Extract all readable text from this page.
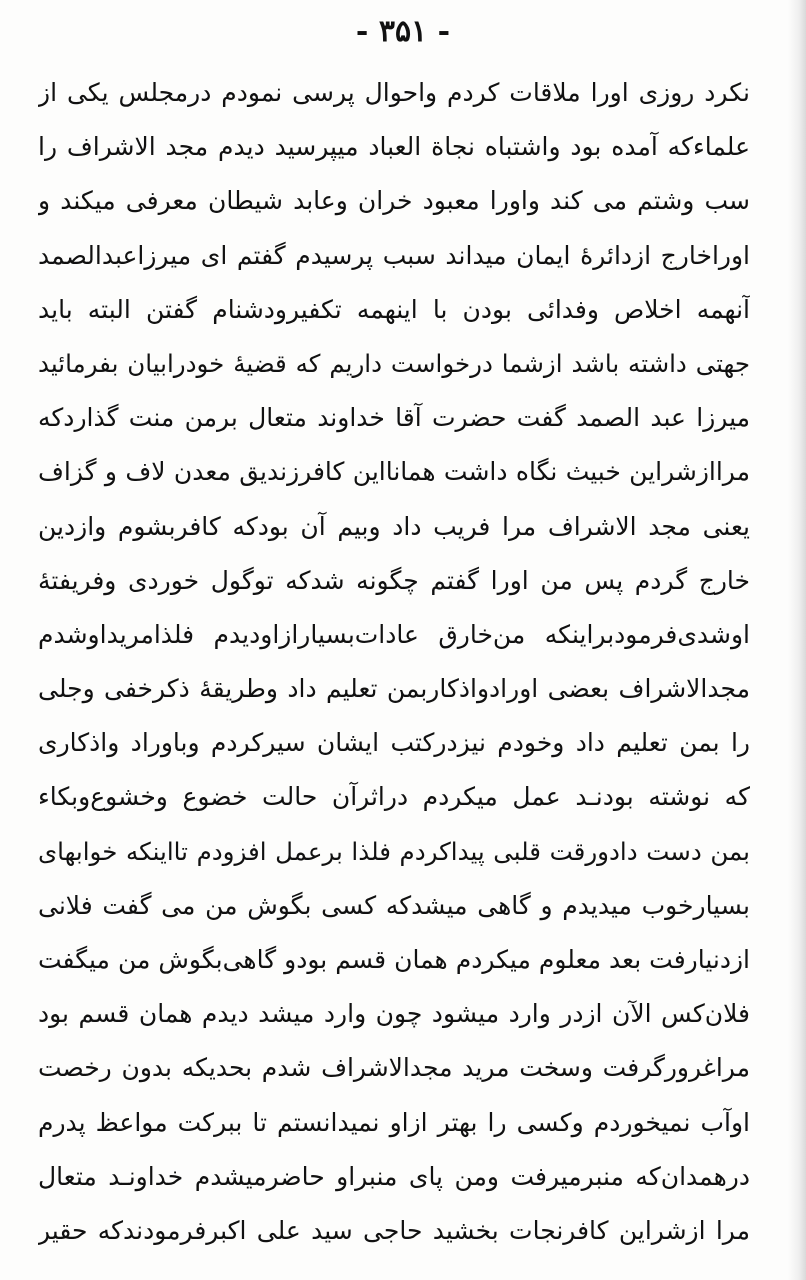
- ۳۵۱ -
نکرد روزی اورا ملاقات کردم واحوال پرسی نمودم درمجلس یکی از
علماءکه آمده بود واشتباه نجاة العباد میپرسید دیدم مجد الاشراف را
سب وشتم می کند واورا معبود خران وعابد شیطان معرفی میکند و
اوراخارج ازدائرهٔ ایمان میداند سبب پرسیدم گفتم ای میرزاعبدالصمد
آنهمه اخلاص وفدائی بودن با اینهمه تکفیرودشنام گفتن البته باید
جهتی داشته باشد ازشما درخواست داریم که قضیهٔ خودرابیان بفرمائید
میرزا عبد الصمد گفت حضرت آقا خداوند متعال برمن منت گذاردکه
مراازشراین خبیث نگاه داشت همانااین کافرزندیق معدن لاف و گزاف
یعنی مجد الاشراف مرا فریب داد وبیم آن بودکه کافربشوم وازدین
خارج گردم پس من اورا گفتم چگونه شدکه توگول خوردی وفریفتهٔ
اوشدی‌فرمودبراینکه من‌خارق عادات‌بسیارازاودیدم فلذامریداوشدم
مجدالاشراف بعضی اورادواذکاربمن تعلیم داد وطریقهٔ ذکرخفی وجلی
را بمن تعلیم داد وخودم نیزدرکتب ایشان سیرکردم وباوراد واذکاری
که نوشته بودنـد عمل میکردم دراثرآن حالت خضوع وخشوع‌وبکاء
بمن دست دادورقت قلبی پیداکردم فلذا برعمل افزودم تااینکه خوابهای
بسیارخوب میدیدم و گاهی میشدکه کسی بگوش من می گفت فلانی
ازدنیارفت بعد معلوم میکردم همان قسم بودو گاهی‌بگوش من میگفت
فلان‌کس الآن ازدر وارد میشود چون وارد میشد دیدم همان قسم بود
مراغرورگرفت وسخت مرید مجدالاشراف شدم بحدیکه بدون رخصت
اوآب نمیخوردم وکسی را بهتر ازاو نمیدانستم تا ببرکت مواعظ پدرم
درهمدان‌که منبرمیرفت ومن پای منبراو حاضرمیشدم خداونـد متعال
مرا ازشراین کافرنجات بخشید حاجی سید علی اکبرفرمودندکه حقیر
